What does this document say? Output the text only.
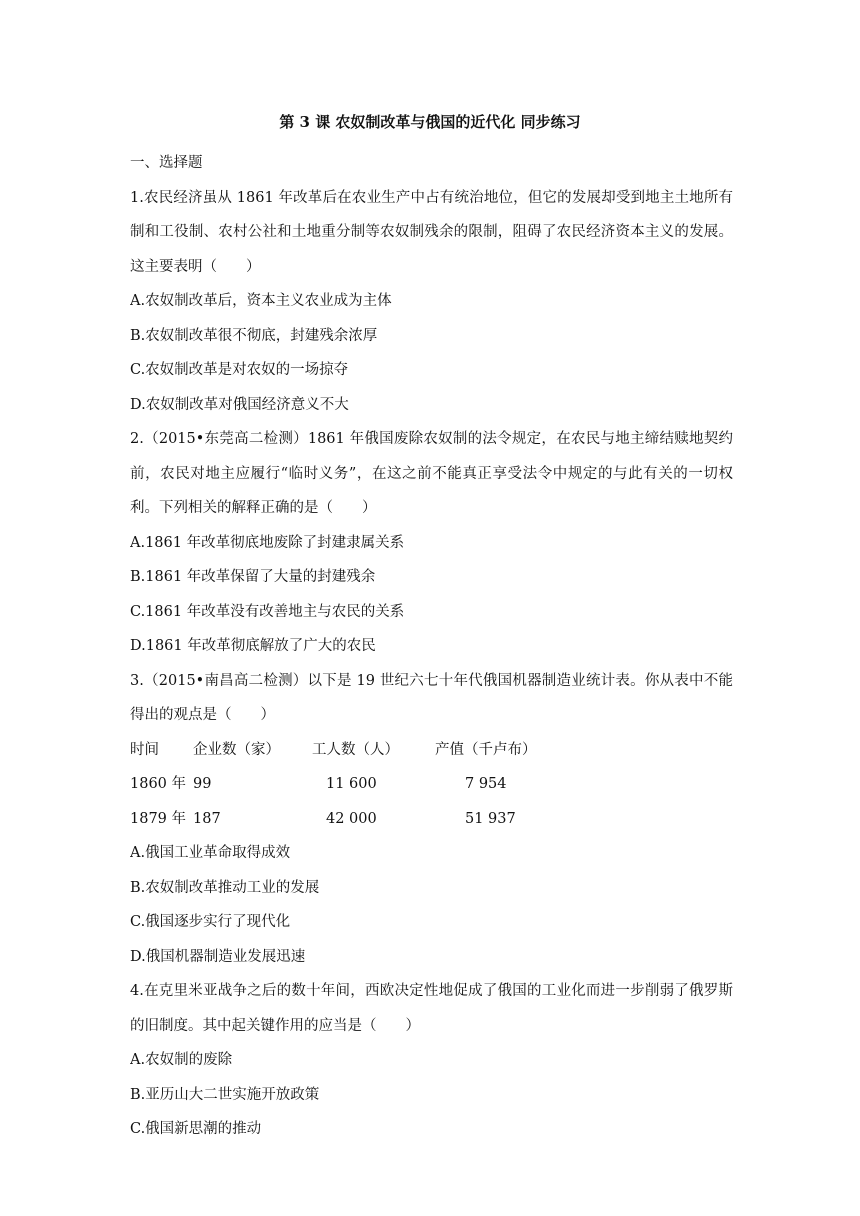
第 3 课 农奴制改革与俄国的近代化 同步练习
一、选择题
1.农民经济虽从 1861 年改革后在农业生产中占有统治地位，但它的发展却受到地主土地所有制和工役制、农村公社和土地重分制等农奴制残余的限制，阻碍了农民经济资本主义的发展。这主要表明（　　）
A.农奴制改革后，资本主义农业成为主体
B.农奴制改革很不彻底，封建残余浓厚
C.农奴制改革是对农奴的一场掠夺
D.农奴制改革对俄国经济意义不大
2.（2015•东莞高二检测）1861 年俄国废除农奴制的法令规定，在农民与地主缔结赎地契约前，农民对地主应履行“临时义务”，在这之前不能真正享受法令中规定的与此有关的一切权利。下列相关的解释正确的是（　　）
A.1861 年改革彻底地废除了封建隶属关系
B.1861 年改革保留了大量的封建残余
C.1861 年改革没有改善地主与农民的关系
D.1861 年改革彻底解放了广大的农民
3.（2015•南昌高二检测）以下是 19 世纪六七十年代俄国机器制造业统计表。你从表中不能得出的观点是（　　）
时间 企业数（家） 工人数（人） 产值（千卢布）
1860 年 99	11 600	7 954
1879 年 187	42 000	51 937
A.俄国工业革命取得成效
B.农奴制改革推动工业的发展
C.俄国逐步实行了现代化
D.俄国机器制造业发展迅速
4.在克里米亚战争之后的数十年间，西欧决定性地促成了俄国的工业化而进一步削弱了俄罗斯的旧制度。其中起关键作用的应当是（　　）
A.农奴制的废除
B.亚历山大二世实施开放政策
C.俄国新思潮的推动
